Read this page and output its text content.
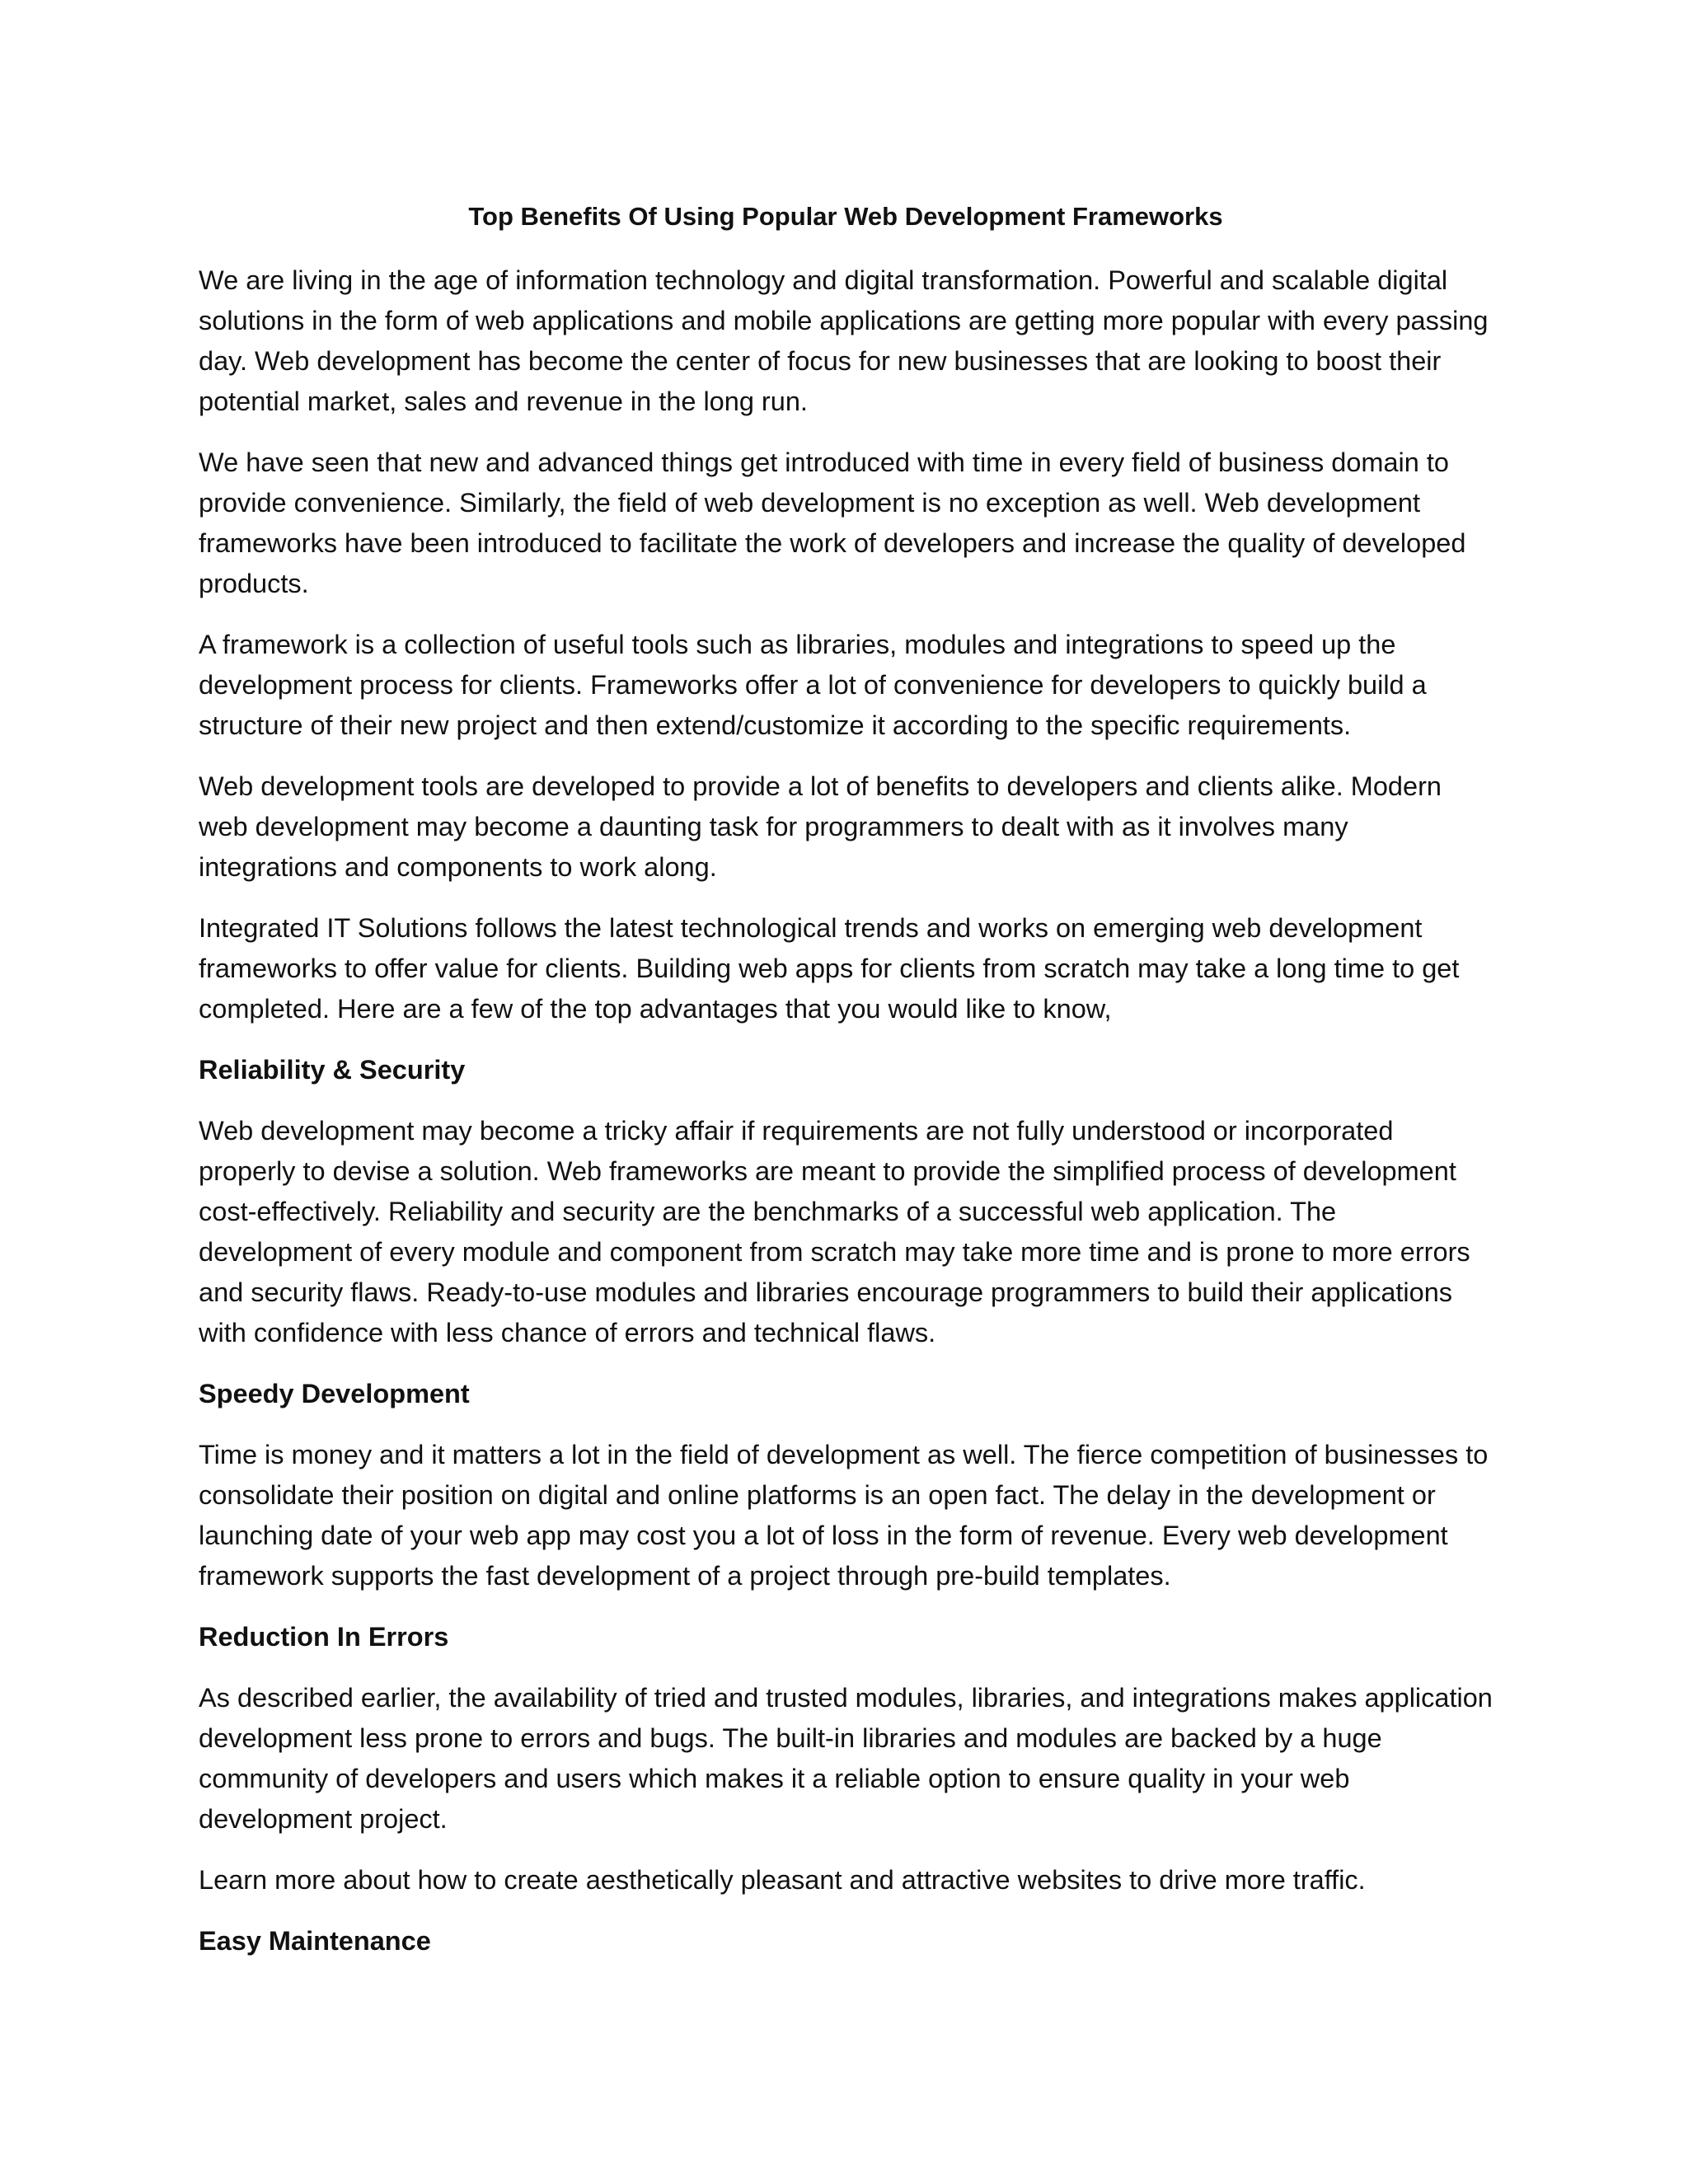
Top Benefits Of Using Popular Web Development Frameworks

We are living in the age of information technology and digital transformation. Powerful and scalable digital solutions in the form of web applications and mobile applications are getting more popular with every passing day. Web development has become the center of focus for new businesses that are looking to boost their potential market, sales and revenue in the long run.

We have seen that new and advanced things get introduced with time in every field of business domain to provide convenience. Similarly, the field of web development is no exception as well. Web development frameworks have been introduced to facilitate the work of developers and increase the quality of developed products.

A framework is a collection of useful tools such as libraries, modules and integrations to speed up the development process for clients. Frameworks offer a lot of convenience for developers to quickly build a structure of their new project and then extend/customize it according to the specific requirements.

Web development tools are developed to provide a lot of benefits to developers and clients alike. Modern web development may become a daunting task for programmers to dealt with as it involves many integrations and components to work along.

Integrated IT Solutions follows the latest technological trends and works on emerging web development frameworks to offer value for clients. Building web apps for clients from scratch may take a long time to get completed. Here are a few of the top advantages that you would like to know,

Reliability & Security

Web development may become a tricky affair if requirements are not fully understood or incorporated properly to devise a solution. Web frameworks are meant to provide the simplified process of development cost-effectively. Reliability and security are the benchmarks of a successful web application. The development of every module and component from scratch may take more time and is prone to more errors and security flaws. Ready-to-use modules and libraries encourage programmers to build their applications with confidence with less chance of errors and technical flaws.

Speedy Development

Time is money and it matters a lot in the field of development as well. The fierce competition of businesses to consolidate their position on digital and online platforms is an open fact. The delay in the development or launching date of your web app may cost you a lot of loss in the form of revenue. Every web development framework supports the fast development of a project through pre-build templates.

Reduction In Errors

As described earlier, the availability of tried and trusted modules, libraries, and integrations makes application development less prone to errors and bugs. The built-in libraries and modules are backed by a huge community of developers and users which makes it a reliable option to ensure quality in your web development project.

Learn more about how to create aesthetically pleasant and attractive websites to drive more traffic.

Easy Maintenance
